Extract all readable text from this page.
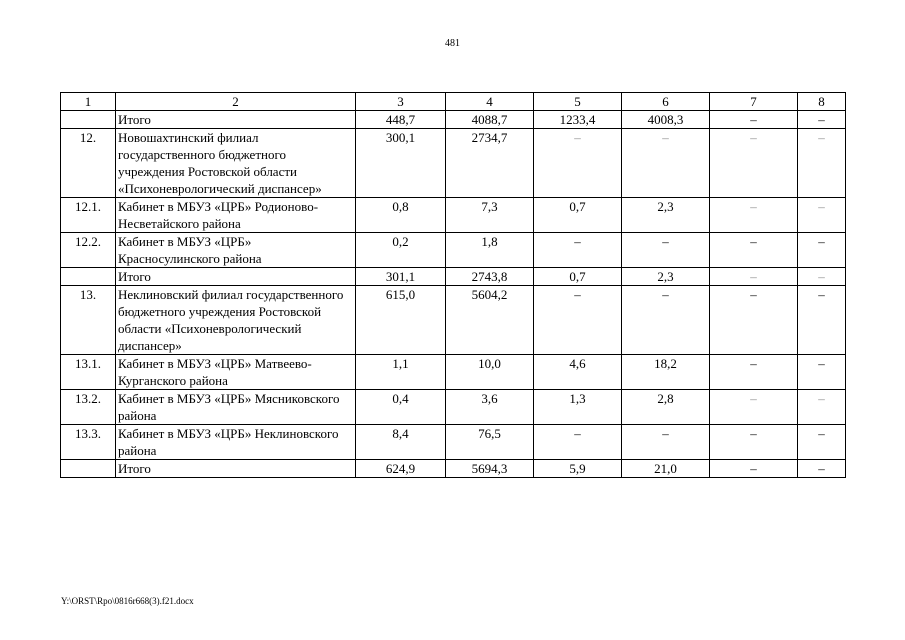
481
1	2	3	4	5	6	7	8
	Итого	448,7	4088,7	1233,4	4008,3	–	–
12.	Новошахтинский филиал государственного бюджетного учреждения Ростовской области «Психоневрологический диспансер»	300,1	2734,7	–	–	–	–
12.1.	Кабинет в МБУЗ «ЦРБ» Родионово-Несветайского района	0,8	7,3	0,7	2,3	–	–
12.2.	Кабинет в МБУЗ «ЦРБ» Красносулинского района	0,2	1,8	–	–	–	–
	Итого	301,1	2743,8	0,7	2,3	–	–
13.	Неклиновский филиал государственного бюджетного учреждения Ростовской области «Психоневрологический диспансер»	615,0	5604,2	–	–	–	–
13.1.	Кабинет в МБУЗ «ЦРБ» Матвеево-Курганского района	1,1	10,0	4,6	18,2	–	–
13.2.	Кабинет в МБУЗ «ЦРБ» Мясниковского района	0,4	3,6	1,3	2,8	–	–
13.3.	Кабинет в МБУЗ «ЦРБ» Неклиновского района	8,4	76,5	–	–	–	–
	Итого	624,9	5694,3	5,9	21,0	–	–
Y:\ORST\Rpo\0816r668(3).f21.docx
